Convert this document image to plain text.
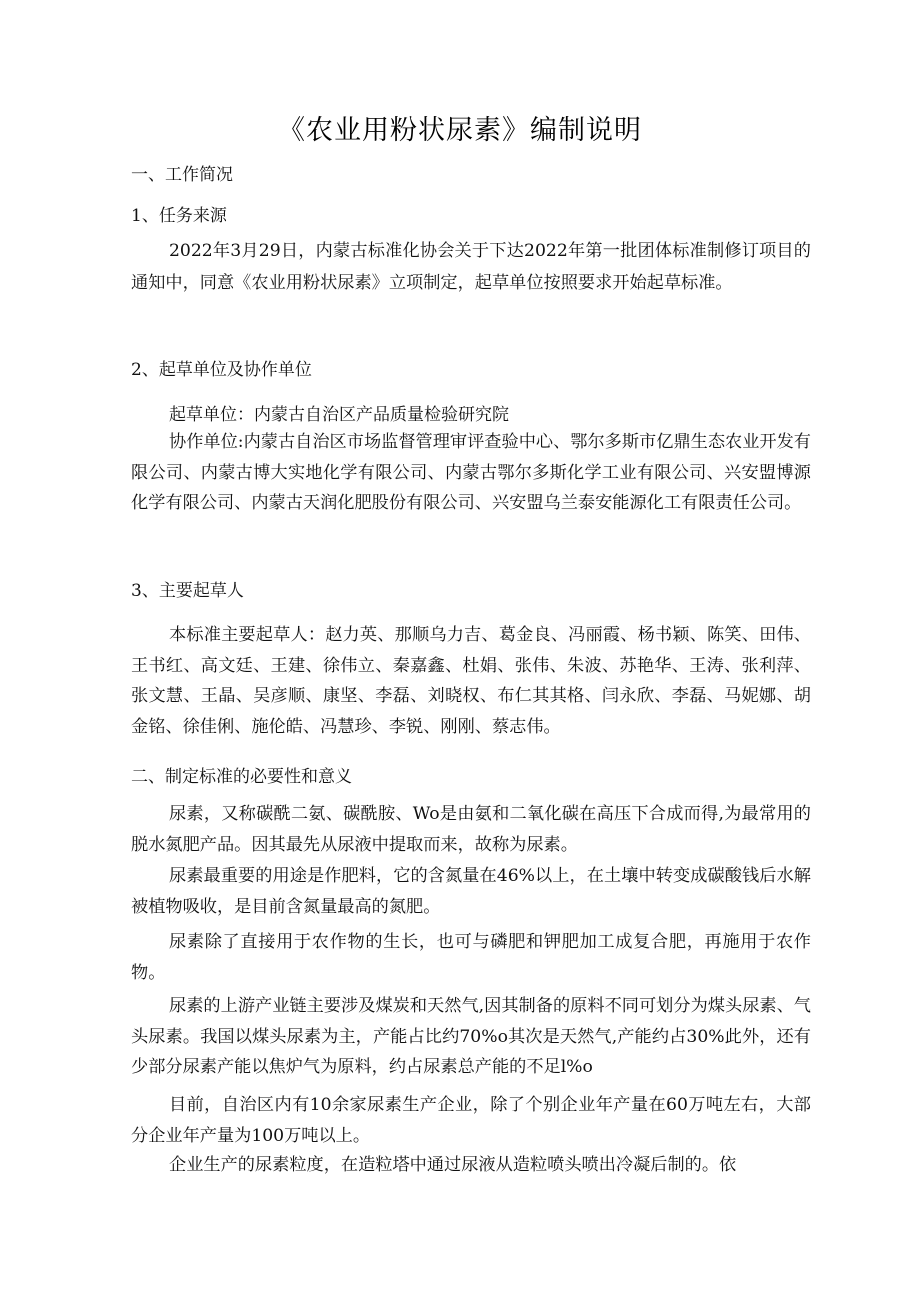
《农业用粉状尿素》编制说明
一、工作简况
1、任务来源

2022年3月29日，内蒙古标准化协会关于下达2022年第一批团体标准制修订项目的通知中，同意《农业用粉状尿素》立项制定，起草单位按照要求开始起草标准。

2、起草单位及协作单位
起草单位：内蒙古自治区产品质量检验研究院

协作单位:内蒙古自治区市场监督管理审评查验中心、鄂尔多斯市亿鼎生态农业开发有限公司、内蒙古博大实地化学有限公司、内蒙古鄂尔多斯化学工业有限公司、兴安盟博源化学有限公司、内蒙古天润化肥股份有限公司、兴安盟乌兰泰安能源化工有限责任公司。

3、主要起草人

本标准主要起草人：赵力英、那顺乌力吉、葛金良、冯丽霞、杨书颖、陈笑、田伟、王书红、高文廷、王建、徐伟立、秦嘉鑫、杜娟、张伟、朱波、苏艳华、王涛、张利萍、张文慧、王晶、吴彦顺、康坚、李磊、刘晓权、布仁其其格、闫永欣、李磊、马妮娜、胡金铭、徐佳俐、施伦皓、冯慧珍、李锐、刚刚、蔡志伟。

二、制定标准的必要性和意义

尿素，又称碳酰二氨、碳酰胺、Wo是由氨和二氧化碳在高压下合成而得,为最常用的脱水氮肥产品。因其最先从尿液中提取而来，故称为尿素。

尿素最重要的用途是作肥料，它的含氮量在46%以上，在土壤中转变成碳酸钱后水解被植物吸收，是目前含氮量最高的氮肥。

尿素除了直接用于农作物的生长，也可与磷肥和钾肥加工成复合肥，再施用于农作物。

尿素的上游产业链主要涉及煤炭和天然气,因其制备的原料不同可划分为煤头尿素、气头尿素。我国以煤头尿素为主，产能占比约70%o其次是天然气,产能约占30%此外，还有少部分尿素产能以焦炉气为原料，约占尿素总产能的不足l%o

目前，自治区内有10余家尿素生产企业，除了个别企业年产量在60万吨左右，大部分企业年产量为100万吨以上。

企业生产的尿素粒度，在造粒塔中通过尿液从造粒喷头喷出冷凝后制的。依
